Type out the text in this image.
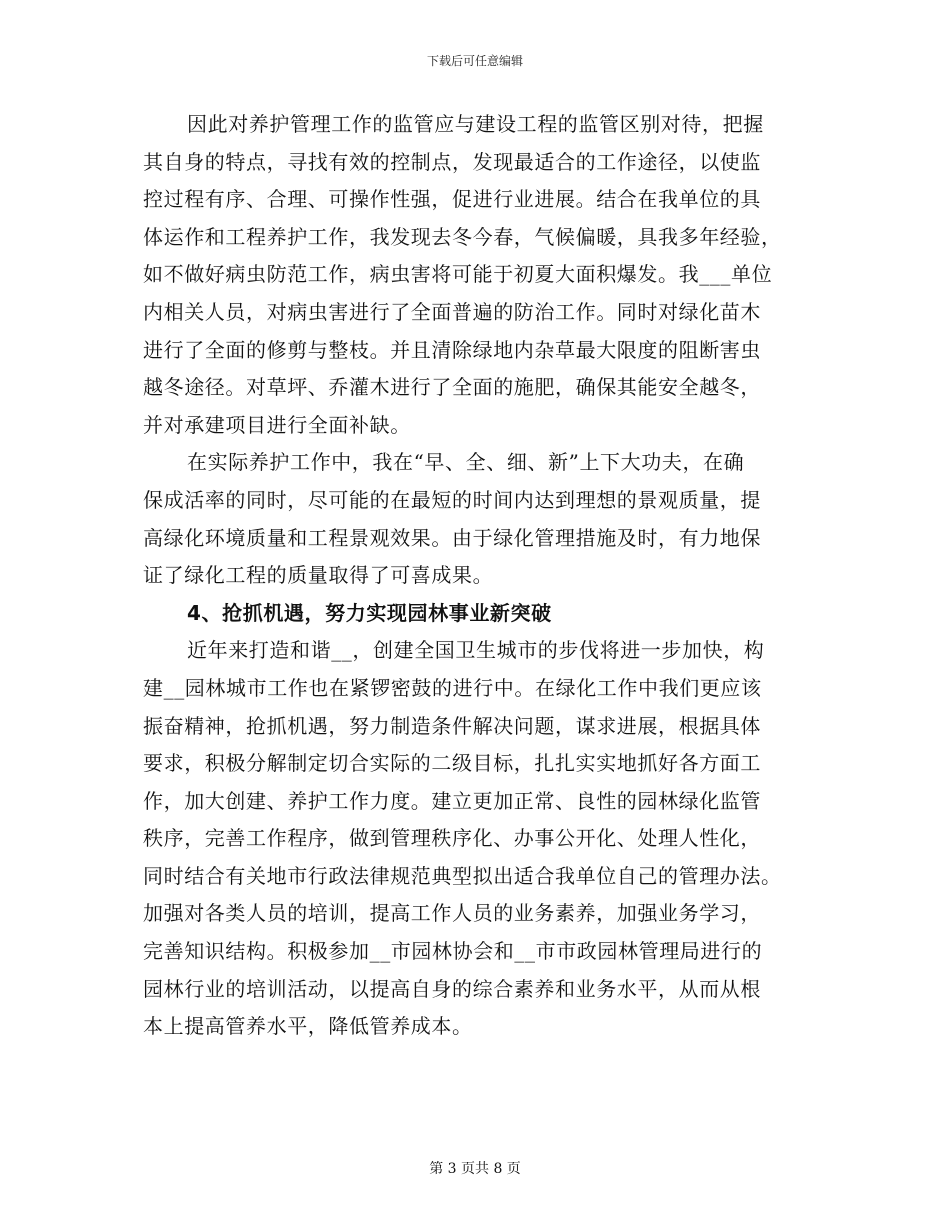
下载后可任意编辑
因此对养护管理工作的监管应与建设工程的监管区别对待，把握
其自身的特点，寻找有效的控制点，发现最适合的工作途径，以使监
控过程有序、合理、可操作性强，促进行业进展。结合在我单位的具
体运作和工程养护工作，我发现去冬今春，气候偏暖，具我多年经验，
如不做好病虫防范工作，病虫害将可能于初夏大面积爆发。我___单位
内相关人员，对病虫害进行了全面普遍的防治工作。同时对绿化苗木
进行了全面的修剪与整枝。并且清除绿地内杂草最大限度的阻断害虫
越冬途径。对草坪、乔灌木进行了全面的施肥，确保其能安全越冬，
并对承建项目进行全面补缺。
在实际养护工作中，我在“早、全、细、新”上下大功夫，在确
保成活率的同时，尽可能的在最短的时间内达到理想的景观质量，提
高绿化环境质量和工程景观效果。由于绿化管理措施及时，有力地保
证了绿化工程的质量取得了可喜成果。
4、抢抓机遇，努力实现园林事业新突破
近年来打造和谐__，创建全国卫生城市的步伐将进一步加快，构
建__园林城市工作也在紧锣密鼓的进行中。在绿化工作中我们更应该
振奋精神，抢抓机遇，努力制造条件解决问题，谋求进展，根据具体
要求，积极分解制定切合实际的二级目标，扎扎实实地抓好各方面工
作，加大创建、养护工作力度。建立更加正常、良性的园林绿化监管
秩序，完善工作程序，做到管理秩序化、办事公开化、处理人性化，
同时结合有关地市行政法律规范典型拟出适合我单位自己的管理办法。
加强对各类人员的培训，提高工作人员的业务素养，加强业务学习，
完善知识结构。积极参加__市园林协会和__市市政园林管理局进行的
园林行业的培训活动，以提高自身的综合素养和业务水平，从而从根
本上提高管养水平，降低管养成本。
第 3 页共 8 页
